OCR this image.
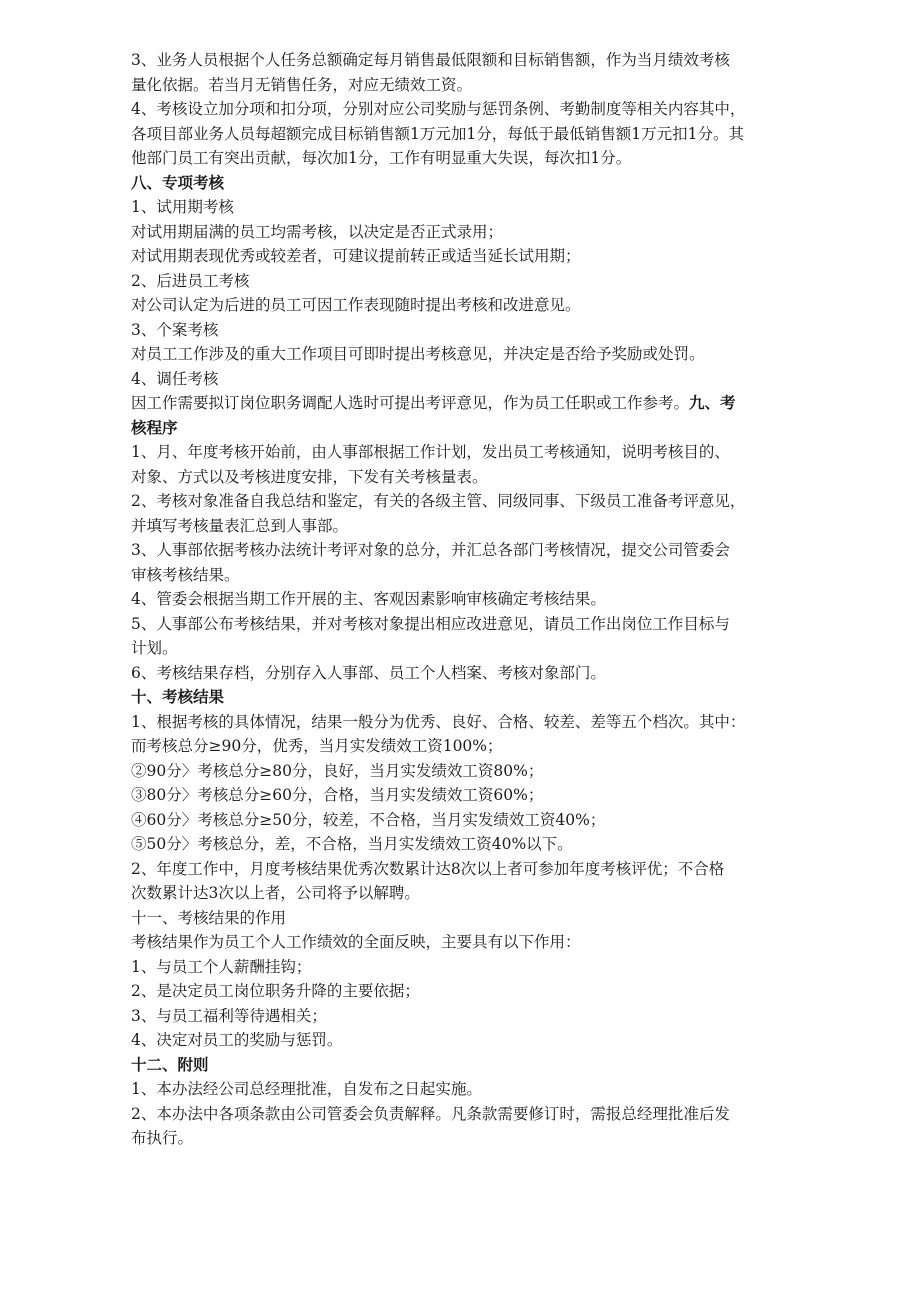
3、业务人员根据个人任务总额确定每月销售最低限额和目标销售额，作为当月绩效考核
量化依据。若当月无销售任务，对应无绩效工资。
4、考核设立加分项和扣分项，分别对应公司奖励与惩罚条例、考勤制度等相关内容其中，
各项目部业务人员每超额完成目标销售额1万元加1分，每低于最低销售额1万元扣1分。其
他部门员工有突出贡献，每次加1分，工作有明显重大失误，每次扣1分。
八、专项考核
1、试用期考核
对试用期届满的员工均需考核，以决定是否正式录用；
对试用期表现优秀或较差者，可建议提前转正或适当延长试用期；
2、后进员工考核
对公司认定为后进的员工可因工作表现随时提出考核和改进意见。
3、个案考核
对员工工作涉及的重大工作项目可即时提出考核意见，并决定是否给予奖励或处罚。
4、调任考核
因工作需要拟订岗位职务调配人选时可提出考评意见，作为员工任职或工作参考。九、考
核程序
1、月、年度考核开始前，由人事部根据工作计划，发出员工考核通知，说明考核目的、
对象、方式以及考核进度安排，下发有关考核量表。
2、考核对象准备自我总结和鉴定，有关的各级主管、同级同事、下级员工准备考评意见，
并填写考核量表汇总到人事部。
3、人事部依据考核办法统计考评对象的总分，并汇总各部门考核情况，提交公司管委会
审核考核结果。
4、管委会根据当期工作开展的主、客观因素影响审核确定考核结果。
5、人事部公布考核结果，并对考核对象提出相应改进意见，请员工作出岗位工作目标与
计划。
6、考核结果存档，分别存入人事部、员工个人档案、考核对象部门。
十、考核结果
1、根据考核的具体情况，结果一般分为优秀、良好、合格、较差、差等五个档次。其中：
而考核总分≥90分，优秀，当月实发绩效工资100%；
②90分〉考核总分≥80分，良好，当月实发绩效工资80%；
③80分〉考核总分≥60分，合格，当月实发绩效工资60%；
④60分〉考核总分≥50分，较差，不合格，当月实发绩效工资40%；
⑤50分〉考核总分，差，不合格，当月实发绩效工资40%以下。
2、年度工作中，月度考核结果优秀次数累计达8次以上者可参加年度考核评优；不合格
次数累计达3次以上者，公司将予以解聘。
十一、考核结果的作用
考核结果作为员工个人工作绩效的全面反映，主要具有以下作用：
1、与员工个人薪酬挂钩；
2、是决定员工岗位职务升降的主要依据；
3、与员工福利等待遇相关；
4、决定对员工的奖励与惩罚。
十二、附则
1、本办法经公司总经理批准，自发布之日起实施。
2、本办法中各项条款由公司管委会负责解释。凡条款需要修订时，需报总经理批准后发
布执行。
